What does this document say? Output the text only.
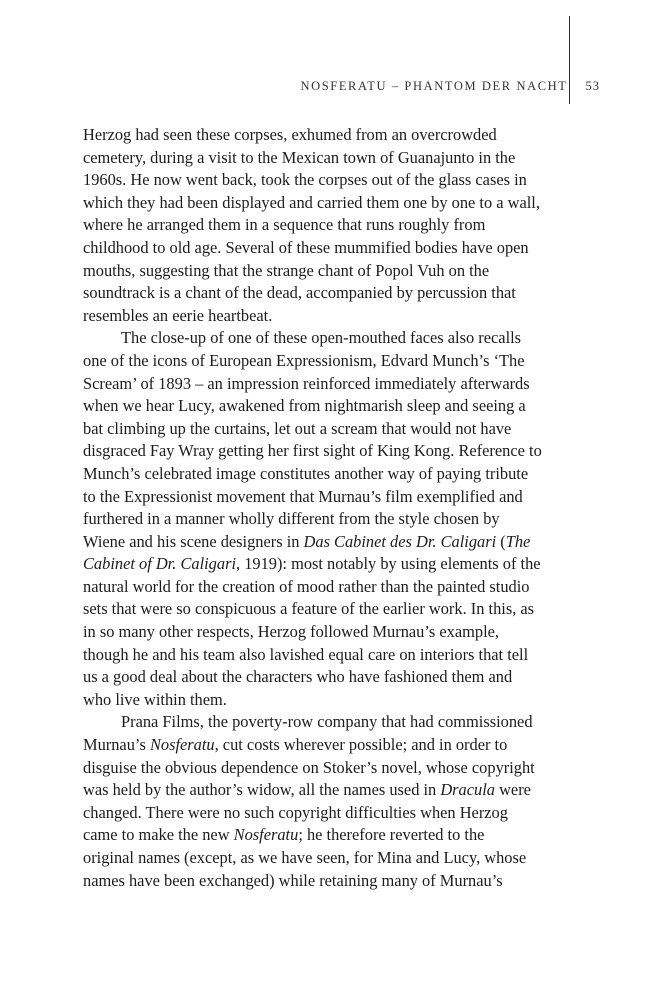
NOSFERATU – PHANTOM DER NACHT 53
Herzog had seen these corpses, exhumed from an overcrowded
cemetery, during a visit to the Mexican town of Guanajunto in the
1960s. He now went back, took the corpses out of the glass cases in
which they had been displayed and carried them one by one to a wall,
where he arranged them in a sequence that runs roughly from
childhood to old age. Several of these mummified bodies have open
mouths, suggesting that the strange chant of Popol Vuh on the
soundtrack is a chant of the dead, accompanied by percussion that
resembles an eerie heartbeat.
The close-up of one of these open-mouthed faces also recalls
one of the icons of European Expressionism, Edvard Munch’s ‘The
Scream’ of 1893 – an impression reinforced immediately afterwards
when we hear Lucy, awakened from nightmarish sleep and seeing a
bat climbing up the curtains, let out a scream that would not have
disgraced Fay Wray getting her first sight of King Kong. Reference to
Munch’s celebrated image constitutes another way of paying tribute
to the Expressionist movement that Murnau’s film exemplified and
furthered in a manner wholly different from the style chosen by
Wiene and his scene designers in Das Cabinet des Dr. Caligari (The
Cabinet of Dr. Caligari, 1919): most notably by using elements of the
natural world for the creation of mood rather than the painted studio
sets that were so conspicuous a feature of the earlier work. In this, as
in so many other respects, Herzog followed Murnau’s example,
though he and his team also lavished equal care on interiors that tell
us a good deal about the characters who have fashioned them and
who live within them.
Prana Films, the poverty-row company that had commissioned
Murnau’s Nosferatu, cut costs wherever possible; and in order to
disguise the obvious dependence on Stoker’s novel, whose copyright
was held by the author’s widow, all the names used in Dracula were
changed. There were no such copyright difficulties when Herzog
came to make the new Nosferatu; he therefore reverted to the
original names (except, as we have seen, for Mina and Lucy, whose
names have been exchanged) while retaining many of Murnau’s
